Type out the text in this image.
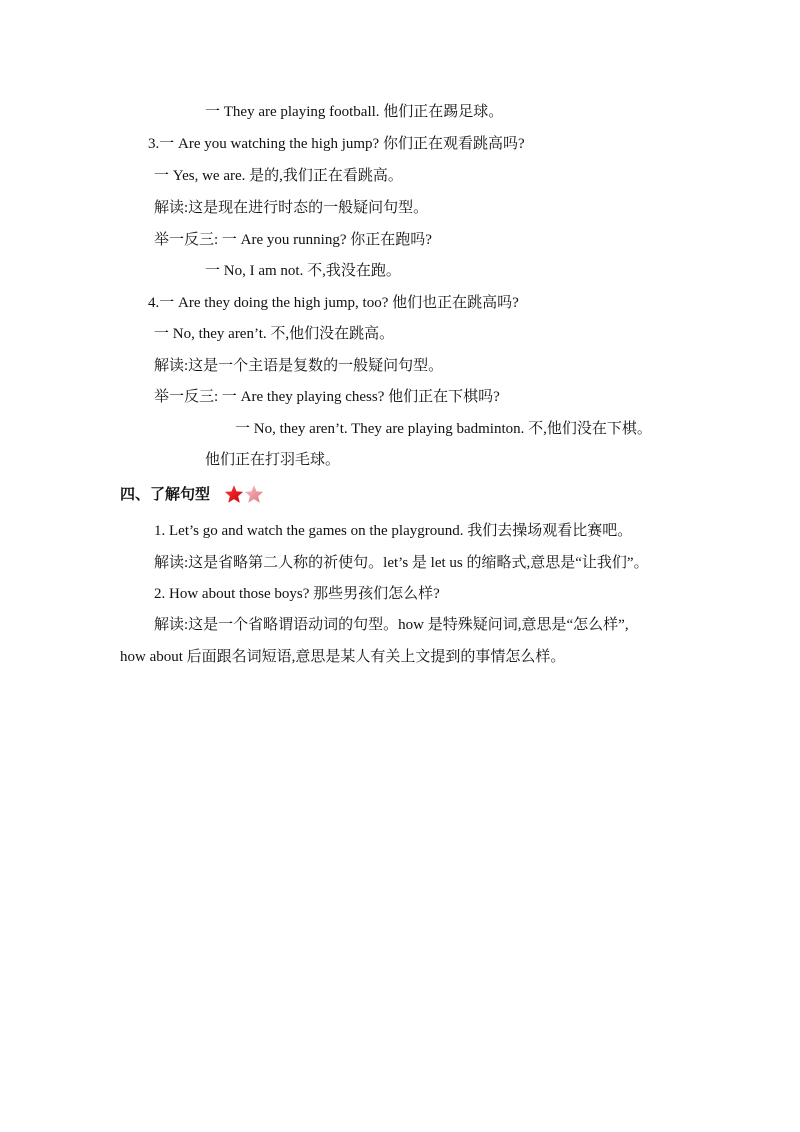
一 They are playing football. 他们正在踢足球。
3.一 Are you watching the high jump? 你们正在观看跳高吗?
一 Yes, we are. 是的,我们正在看跳高。
解读:这是现在进行时态的一般疑问句型。
举一反三: 一 Are you running? 你正在跑吗?
一 No, I am not. 不,我没在跑。
4.一 Are they doing the high jump, too? 他们也正在跳高吗?
一 No, they aren’t. 不,他们没在跳高。
解读:这是一个主语是复数的一般疑问句型。
举一反三: 一 Are they playing chess? 他们正在下棋吗?
一 No, they aren’t. They are playing badminton. 不,他们没在下棋。
他们正在打羽毛球。
四、了解句型
1. Let’s go and watch the games on the playground. 我们去操场观看比赛吧。
解读:这是省略第二人称的祈使句。let’s 是 let us 的缩略式,意思是“让我们”。
2. How about those boys? 那些男孩们怎么样?
解读:这是一个省略谓语动词的句型。how 是特殊疑问词,意思是“怎么样”,
how about 后面跟名词短语,意思是某人有关上文提到的事情怎么样。
